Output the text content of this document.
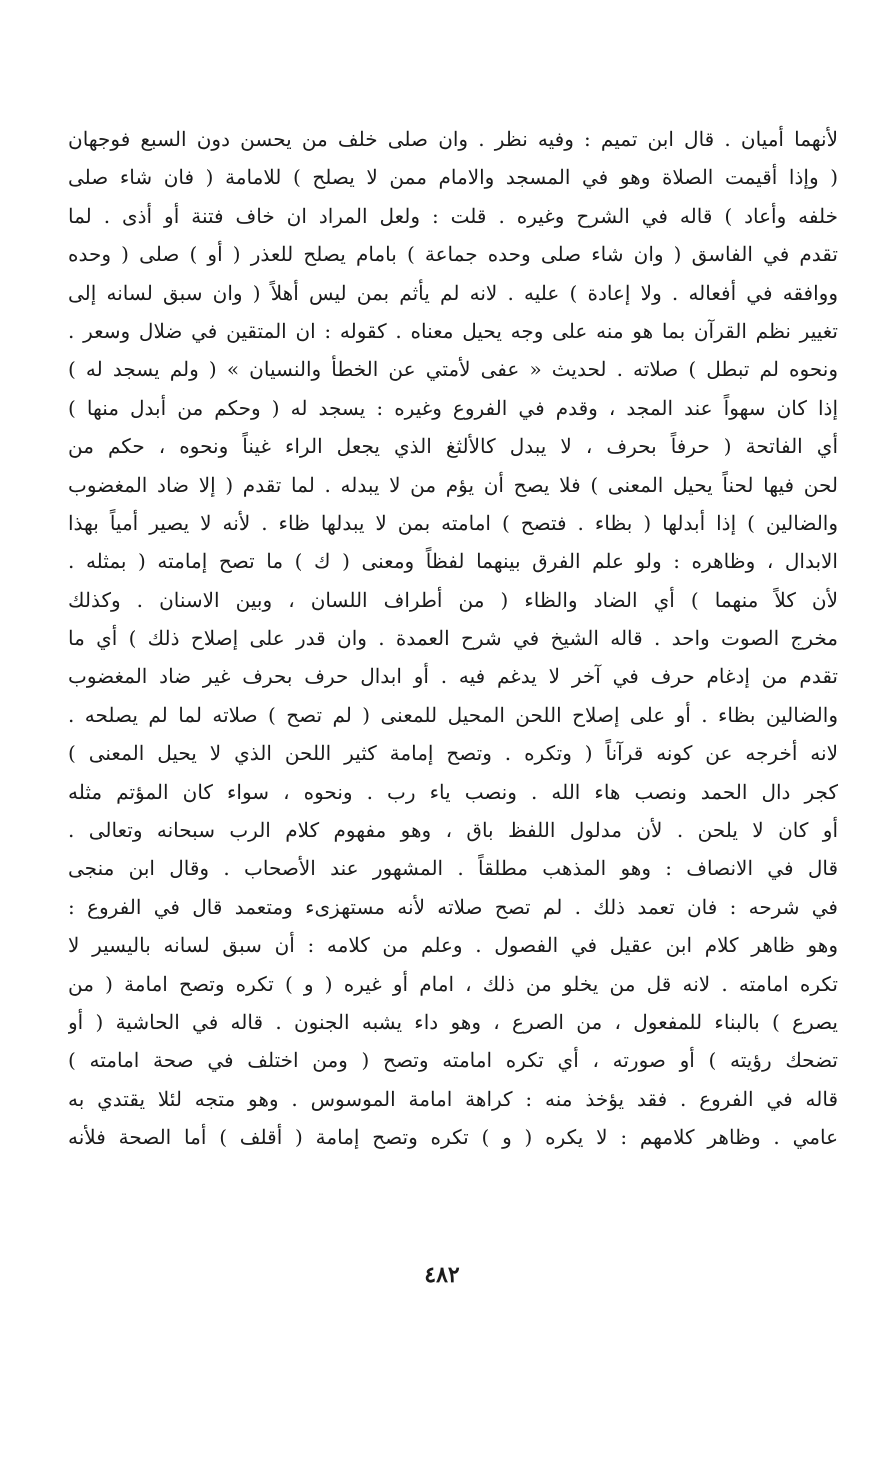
لأنهما أميان . قال ابن تميم : وفيه نظر . وان صلى خلف من يحسن دون السبع فوجهان
( وإذا أقيمت الصلاة وهو في المسجد والامام ممن لا يصلح ) للامامة ( فان شاء صلى
خلفه وأعاد ) قاله في الشرح وغيره . قلت : ولعل المراد ان خاف فتنة أو أذى . لما
تقدم في الفاسق ( وان شاء صلى وحده جماعة ) بامام يصلح للعذر ( أو ) صلى ( وحده
ووافقه في أفعاله . ولا إعادة ) عليه . لانه لم يأثم بمن ليس أهلاً ( وان سبق لسانه إلى
تغيير نظم القرآن بما هو منه على وجه يحيل معناه . كقوله : ان المتقين في ضلال وسعر .
ونحوه لم تبطل ) صلاته . لحديث « عفى لأمتي عن الخطأ والنسيان » ( ولم يسجد له )
إذا كان سهواً عند المجد ، وقدم في الفروع وغيره : يسجد له ( وحكم من أبدل منها )
أي الفاتحة ( حرفاً بحرف ، لا يبدل كالألثغ الذي يجعل الراء غيناً ونحوه ، حكم من
لحن فيها لحناً يحيل المعنى ) فلا يصح أن يؤم من لا يبدله . لما تقدم ( إلا ضاد المغضوب
والضالين ) إذا أبدلها ( بظاء . فتصح ) امامته بمن لا يبدلها ظاء . لأنه لا يصير أمياً بهذا
الابدال ، وظاهره : ولو علم الفرق بينهما لفظاً ومعنى ( ك ) ما تصح إمامته ( بمثله .
لأن كلاً منهما ) أي الضاد والظاء ( من أطراف اللسان ، وبين الاسنان . وكذلك
مخرج الصوت واحد . قاله الشيخ في شرح العمدة . وان قدر على إصلاح ذلك ) أي ما
تقدم من إدغام حرف في آخر لا يدغم فيه . أو ابدال حرف بحرف غير ضاد المغضوب
والضالين بظاء . أو على إصلاح اللحن المحيل للمعنى ( لم تصح ) صلاته لما لم يصلحه .
لانه أخرجه عن كونه قرآناً ( وتكره . وتصح إمامة كثير اللحن الذي لا يحيل المعنى )
كجر دال الحمد ونصب هاء الله . ونصب ياء رب . ونحوه ، سواء كان المؤتم مثله
أو كان لا يلحن . لأن مدلول اللفظ باق ، وهو مفهوم كلام الرب سبحانه وتعالى .
قال في الانصاف : وهو المذهب مطلقاً . المشهور عند الأصحاب . وقال ابن منجى
في شرحه : فان تعمد ذلك . لم تصح صلاته لأنه مستهزىء ومتعمد قال في الفروع :
وهو ظاهر كلام ابن عقيل في الفصول . وعلم من كلامه : أن سبق لسانه باليسير لا
تكره امامته . لانه قل من يخلو من ذلك ، امام أو غيره ( و ) تكره وتصح امامة ( من
يصرع ) بالبناء للمفعول ، من الصرع ، وهو داء يشبه الجنون . قاله في الحاشية ( أو
تضحك رؤيته ) أو صورته ، أي تكره امامته وتصح ( ومن اختلف في صحة امامته )
قاله في الفروع . فقد يؤخذ منه : كراهة امامة الموسوس . وهو متجه لئلا يقتدي به
عامي . وظاهر كلامهم : لا يكره ( و ) تكره وتصح إمامة ( أقلف ) أما الصحة فلأنه
٤٨٢
